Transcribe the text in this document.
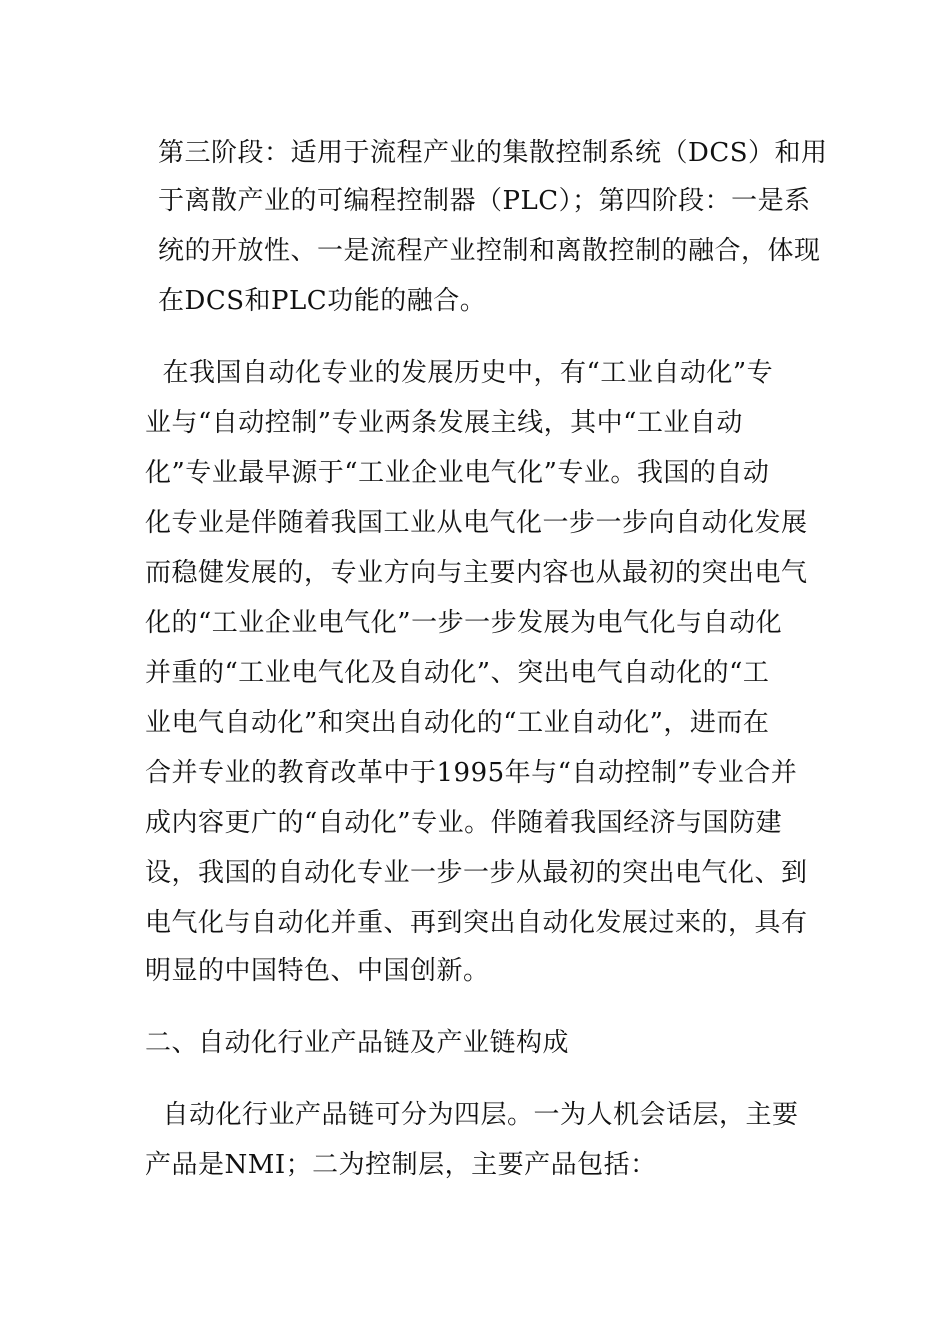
第三阶段：适用于流程产业的集散控制系统（DCS）和用
于离散产业的可编程控制器（PLC）；第四阶段：一是系
统的开放性、一是流程产业控制和离散控制的融合，体现
在DCS和PLC功能的融合。
在我国自动化专业的发展历史中，有“工业自动化”专
业与“自动控制”专业两条发展主线，其中“工业自动
化”专业最早源于“工业企业电气化”专业。我国的自动
化专业是伴随着我国工业从电气化一步一步向自动化发展
而稳健发展的，专业方向与主要内容也从最初的突出电气
化的“工业企业电气化”一步一步发展为电气化与自动化
并重的“工业电气化及自动化”、突出电气自动化的“工
业电气自动化”和突出自动化的“工业自动化”，进而在
合并专业的教育改革中于1995年与“自动控制”专业合并
成内容更广的“自动化”专业。伴随着我国经济与国防建
设，我国的自动化专业一步一步从最初的突出电气化、到
电气化与自动化并重、再到突出自动化发展过来的，具有
明显的中国特色、中国创新。
二、自动化行业产品链及产业链构成
自动化行业产品链可分为四层。一为人机会话层，主要
产品是NMI；二为控制层，主要产品包括：
